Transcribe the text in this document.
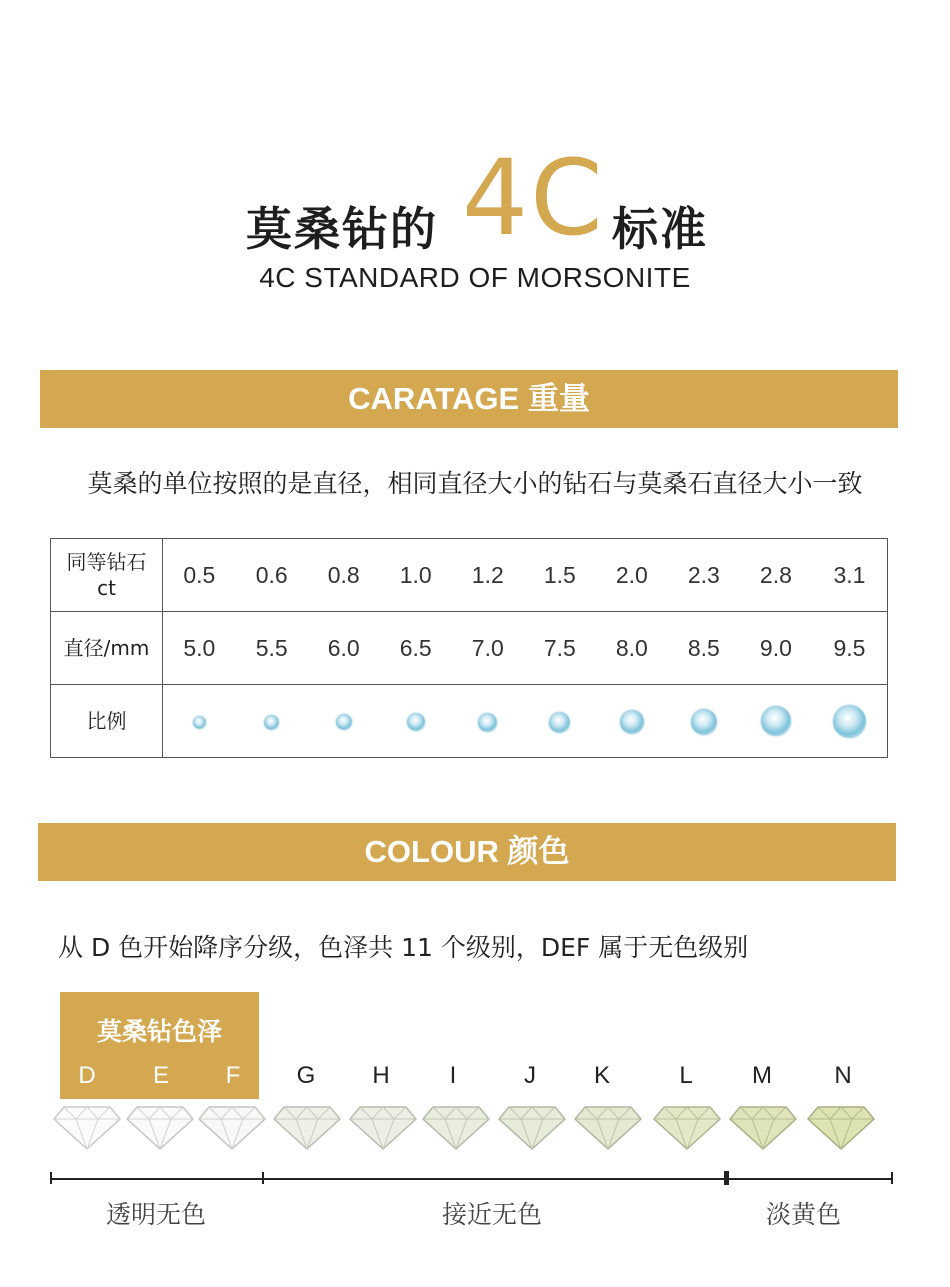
莫桑钻的 4C 标准
4C STANDARD OF MORSONITE
CARATAGE 重量
莫桑的单位按照的是直径，相同直径大小的钻石与莫桑石直径大小一致
同等钻石
ct	0.5	0.6	0.8	1.0	1.2	1.5	2.0	2.3	2.8	3.1
直径/mm	5.0	5.5	6.0	6.5	7.0	7.5	8.0	8.5	9.0	9.5
比例										
COLOUR 颜色
从 D 色开始降序分级，色泽共 11 个级别，DEF 属于无色级别
莫桑钻色泽
D E	F	G H	I	J	K	L	M	N
透明无色	接近无色	淡黄色
